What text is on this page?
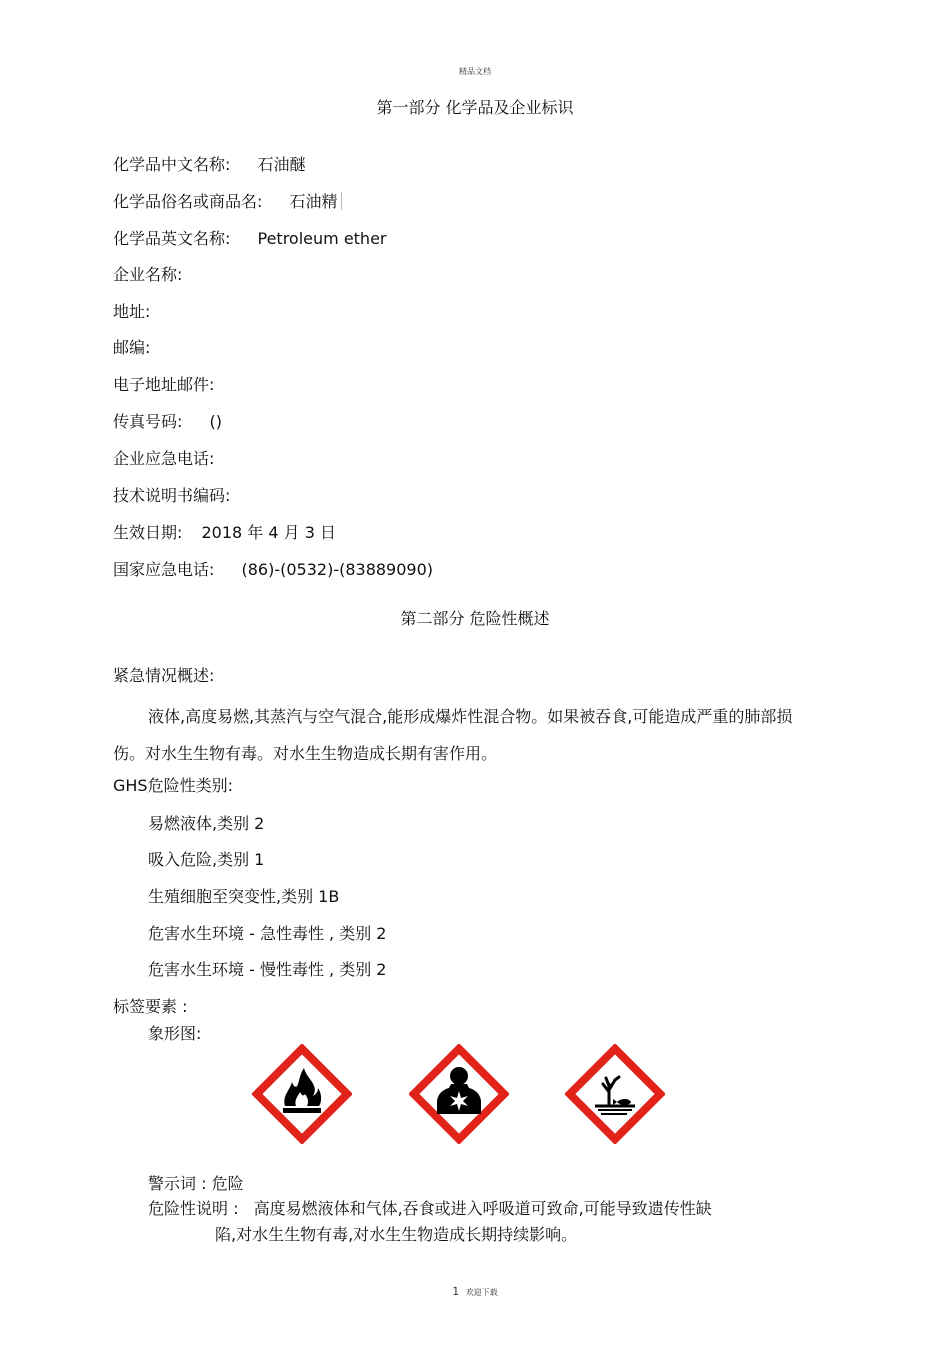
精品文档
第一部分 化学品及企业标识
化学品中文名称: 石油醚
化学品俗名或商品名: 石油精
化学品英文名称: Petroleum ether
企业名称:
地址:
邮编:
电子地址邮件:
传真号码: ()
企业应急电话:
技术说明书编码:
生效日期: 2018 年 4 月 3 日
国家应急电话: (86)-(0532)-(83889090)
第二部分 危险性概述
紧急情况概述:
液体,高度易燃,其蒸汽与空气混合,能形成爆炸性混合物。如果被吞食,可能造成严重的肺部损伤。对水生生物有毒。对水生生物造成长期有害作用。
GHS危险性类别:
易燃液体,类别 2
吸入危险,类别 1
生殖细胞至突变性,类别 1B
危害水生环境 - 急性毒性 , 类别 2
危害水生环境 - 慢性毒性 , 类别 2
标签要素 :
象形图:
警示词 : 危险
危险性说明 : 高度易燃液体和气体,吞食或进入呼吸道可致命,可能导致遗传性缺
陷,对水生生物有毒,对水生生物造成长期持续影响。
1 欢迎下载
